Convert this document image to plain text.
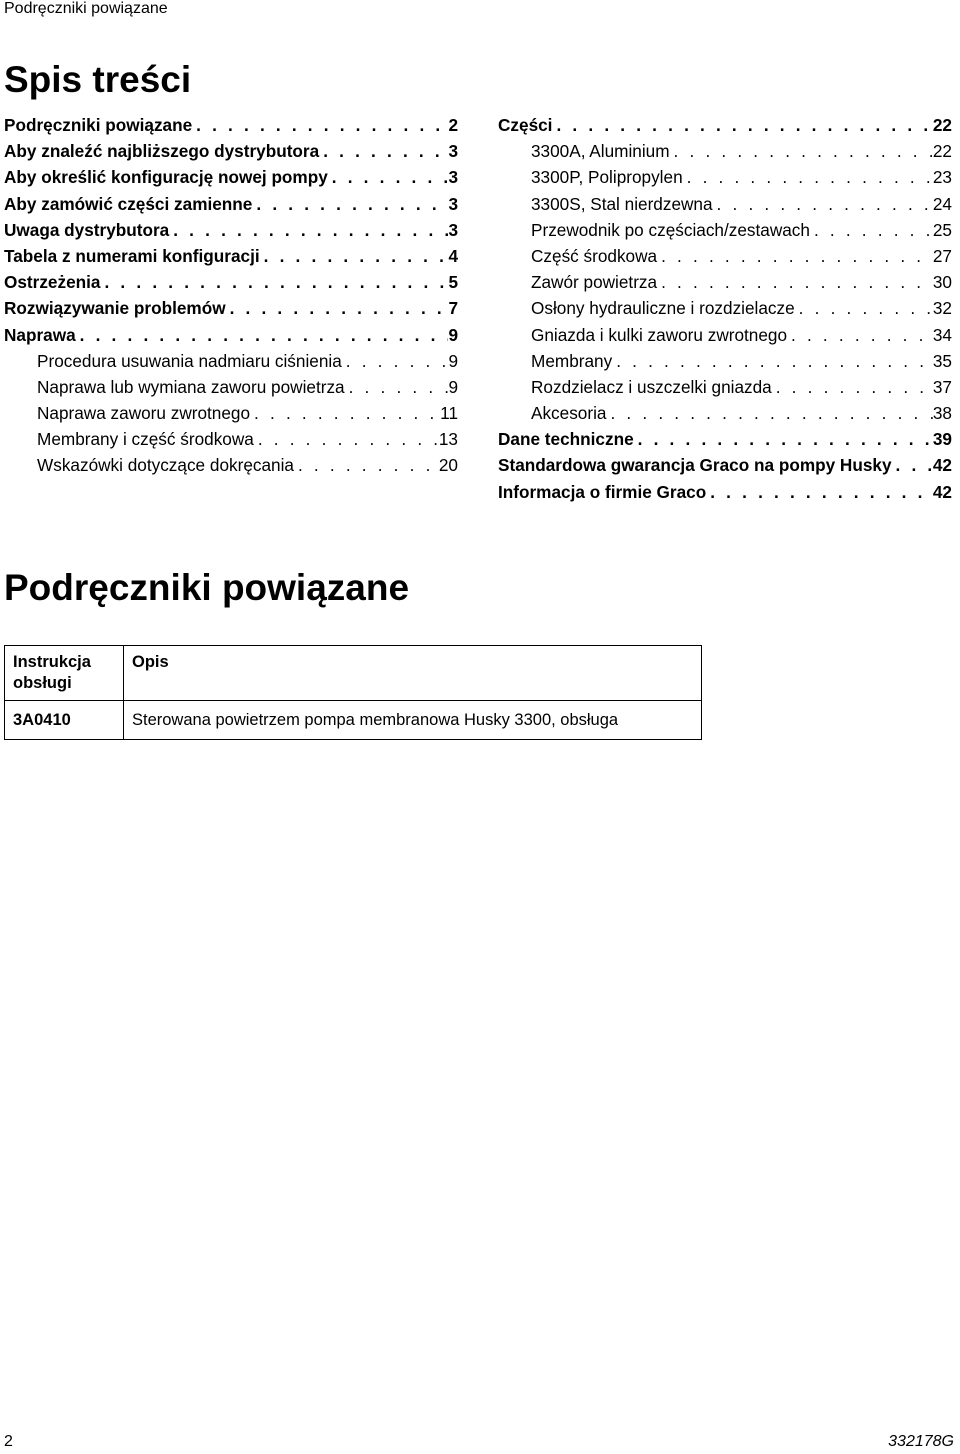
Podręczniki powiązane
Spis treści
Podręczniki powiązane . . .	2
Aby znaleźć najbliższego dystrybutora . . .	3
Aby określić konfigurację nowej pompy . . .	3
Aby zamówić części zamienne . . .	3
Uwaga dystrybutora . . .	3
Tabela z numerami konfiguracji . . .	4
Ostrzeżenia . . .	5
Rozwiązywanie problemów . . .	7
Naprawa . . .	9
Procedura usuwania nadmiaru ciśnienia . . .	9
Naprawa lub wymiana zaworu powietrza . . .	9
Naprawa zaworu zwrotnego . . .	11
Membrany i część środkowa . . .	13
Wskazówki dotyczące dokręcania . . .	20
Części . . .	22
3300A, Aluminium . . .	22
3300P, Polipropylen . . .	23
3300S, Stal nierdzewna . . .	24
Przewodnik po częściach/zestawach . . .	25
Część środkowa . . .	27
Zawór powietrza . . .	30
Osłony hydrauliczne i rozdzielacze . . .	32
Gniazda i kulki zaworu zwrotnego . . .	34
Membrany . . .	35
Rozdzielacz i uszczelki gniazda . . .	37
Akcesoria . . .	38
Dane techniczne . . .	39
Standardowa gwarancja Graco na pompy Husky . . . 42
Informacja o firmie Graco . . .	42
Podręczniki powiązane
Instrukcja obsługi	Opis
3A0410	Sterowana powietrzem pompa membranowa Husky 3300, obsługa
2	332178G
